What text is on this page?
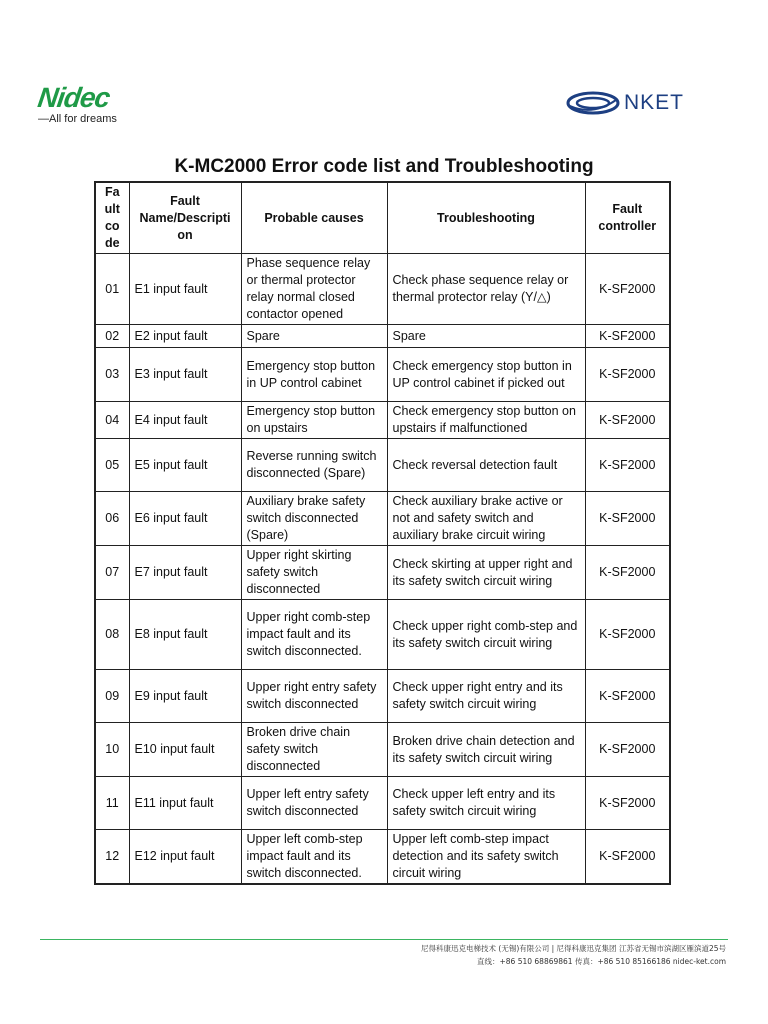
Nidec
—All for dreams
NKET
K-MC2000 Error code list and Troubleshooting
Fa ult co de	Fault Name/Descripti on	Probable causes	Troubleshooting	Fault controller
01	E1 input fault	Phase sequence relay or thermal protector relay normal closed contactor opened	Check phase sequence relay or thermal protector relay (Y/△)	K-SF2000
02	E2 input fault	Spare	Spare	K-SF2000
03	E3 input fault	Emergency stop button in UP control cabinet	Check emergency stop button in UP control cabinet if picked out	K-SF2000
04	E4 input fault	Emergency stop button on upstairs	Check emergency stop button on upstairs if malfunctioned	K-SF2000
05	E5 input fault	Reverse running switch disconnected (Spare)	Check reversal detection fault	K-SF2000
06	E6 input fault	Auxiliary brake safety switch disconnected (Spare)	Check auxiliary brake active or not and safety switch and auxiliary brake circuit wiring	K-SF2000
07	E7 input fault	Upper right skirting safety switch disconnected	Check skirting at upper right and its safety switch circuit wiring	K-SF2000
08	E8 input fault	Upper right comb-step impact fault and its switch disconnected.	Check upper right comb-step and its safety switch circuit wiring	K-SF2000
09	E9 input fault	Upper right entry safety switch disconnected	Check upper right entry and its safety switch circuit wiring	K-SF2000
10	E10 input fault	Broken drive chain safety switch disconnected	Broken drive chain detection and its safety switch circuit wiring	K-SF2000
11	E11 input fault	Upper left entry safety switch disconnected	Check upper left entry and its safety switch circuit wiring	K-SF2000
12	E12 input fault	Upper left comb-step impact fault and its switch disconnected.	Upper left comb-step impact detection and its safety switch circuit wiring	K-SF2000
尼得科康迅克电梯技术 (无锡)有限公司 | 尼得科康迅克集团 江苏省无锡市滨湖区雁滨道25号
直线：+86 510 68869861 传真：+86 510 85166186 nidec-ket.com
